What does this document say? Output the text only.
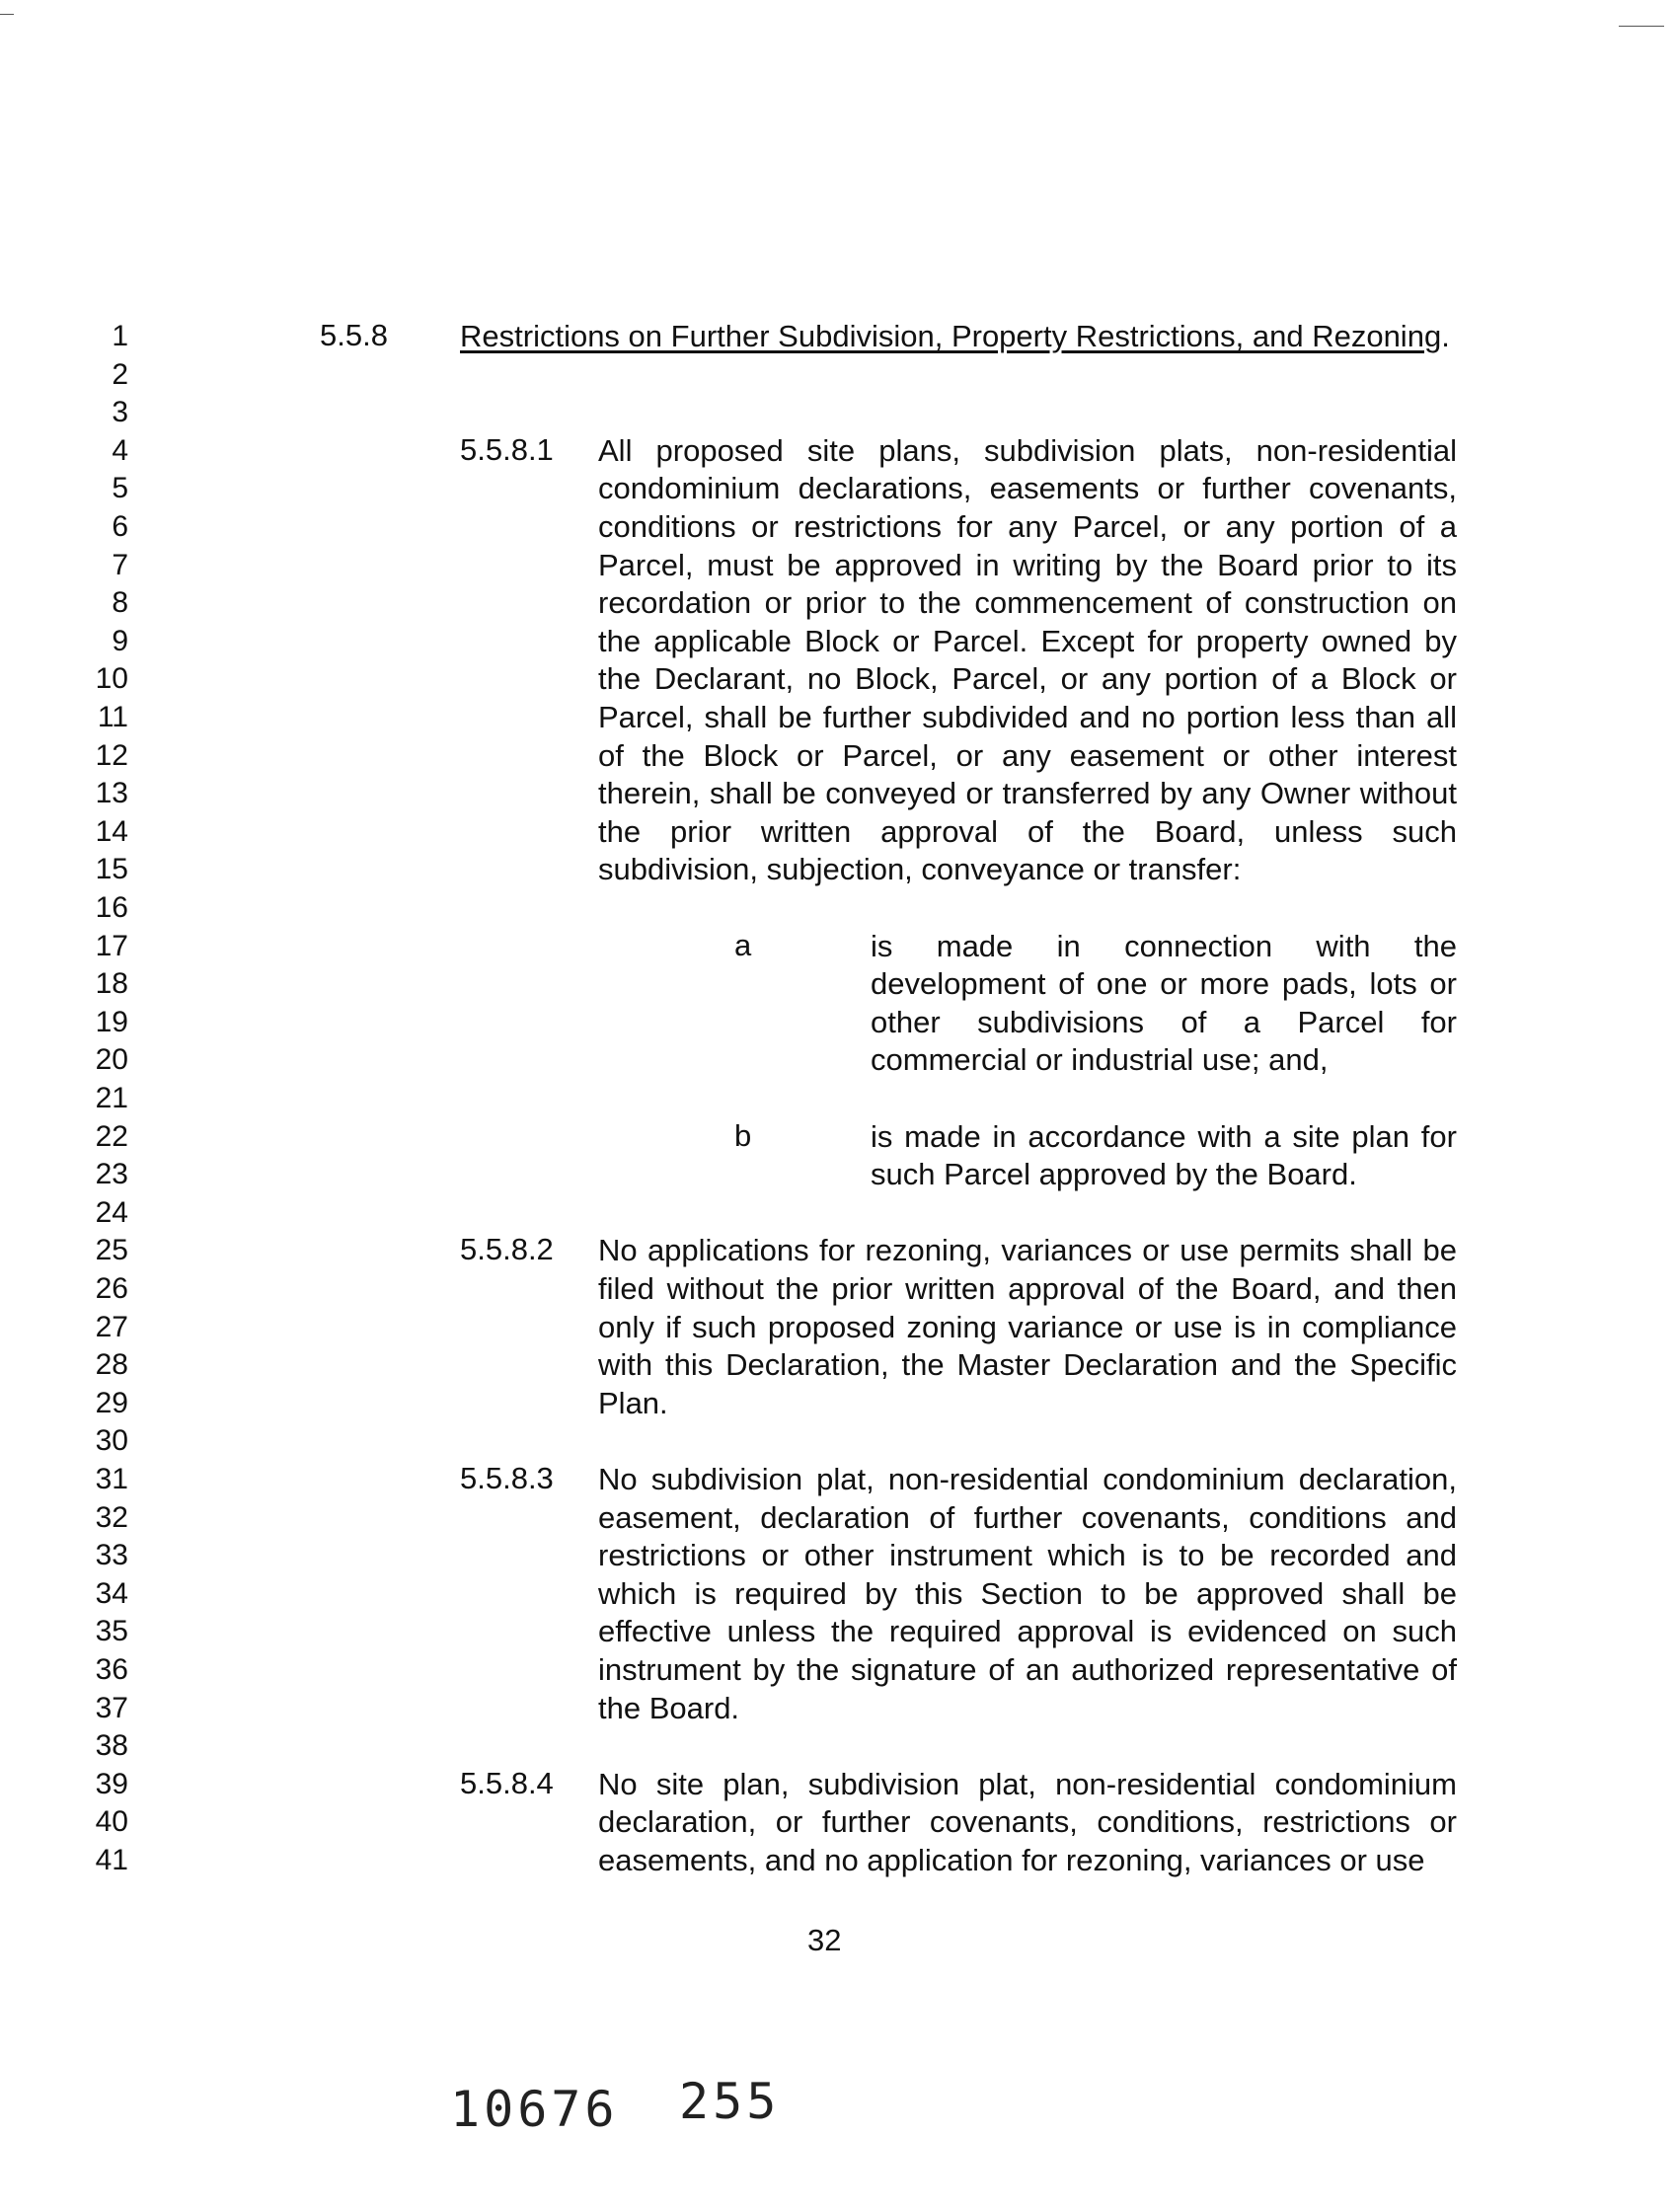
1
2
3
4
5
6
7
8
9
10
11
12
13
14
15
16
17
18
19
20
21
22
23
24
25
26
27
28
29
30
31
32
33
34
35
36
37
38
39
40
41
5.5.8 Restrictions on Further Subdivision, Property Restrictions, and Rezoning.
5.5.8.1 All proposed site plans, subdivision plats, non-residential condominium declarations, easements or further covenants, conditions or restrictions for any Parcel, or any portion of a Parcel, must be approved in writing by the Board prior to its recordation or prior to the commencement of construction on the applicable Block or Parcel. Except for property owned by the Declarant, no Block, Parcel, or any portion of a Block or Parcel, shall be further subdivided and no portion less than all of the Block or Parcel, or any easement or other interest therein, shall be conveyed or transferred by any Owner without the prior written approval of the Board, unless such subdivision, subjection, conveyance or transfer:
a	is made in connection with the development of one or more pads, lots or other subdivisions of a Parcel for commercial or industrial use; and,
b	is made in accordance with a site plan for such Parcel approved by the Board.
5.5.8.2 No applications for rezoning, variances or use permits shall be filed without the prior written approval of the Board, and then only if such proposed zoning variance or use is in compliance with this Declaration, the Master Declaration and the Specific Plan.
5.5.8.3 No subdivision plat, non-residential condominium declaration, easement, declaration of further covenants, conditions and restrictions or other instrument which is to be recorded and which is required by this Section to be approved shall be effective unless the required approval is evidenced on such instrument by the signature of an authorized representative of the Board.
5.5.8.4 No site plan, subdivision plat, non-residential condominium declaration, or further covenants, conditions, restrictions or easements, and no application for rezoning, variances or use
32
10676 255
